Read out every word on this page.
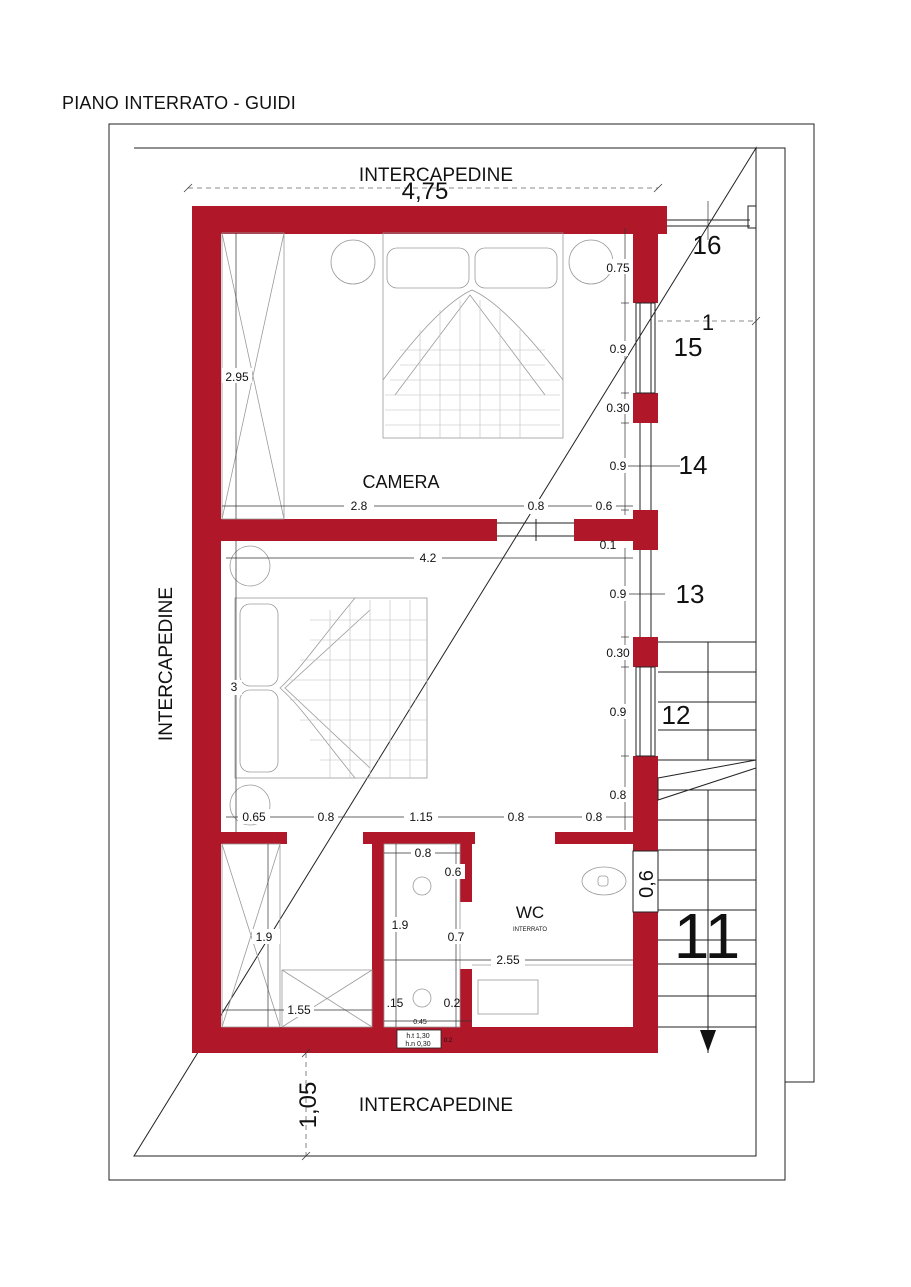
PIANO INTERRATO - GUIDI
INTERCAPEDINE
INTERCAPEDINE
INTERCAPEDINE
4,75
1
1,05
CAMERA
WC
INTERRATO
16
15
14
13
12
11
0.75
0.9
0.30
0.9
2.95
2.8	0.8	0.6
0.1
4.2
0.9
0.30
3
0.9
0.8
0.65	0.8	1.15	0.8	0.8
0.8
0.6	0,6
1.9
1.9
0.7
2.55
1.55	.15	0.2
0.45
h.t 1,30
h.n 0,30 0.2
